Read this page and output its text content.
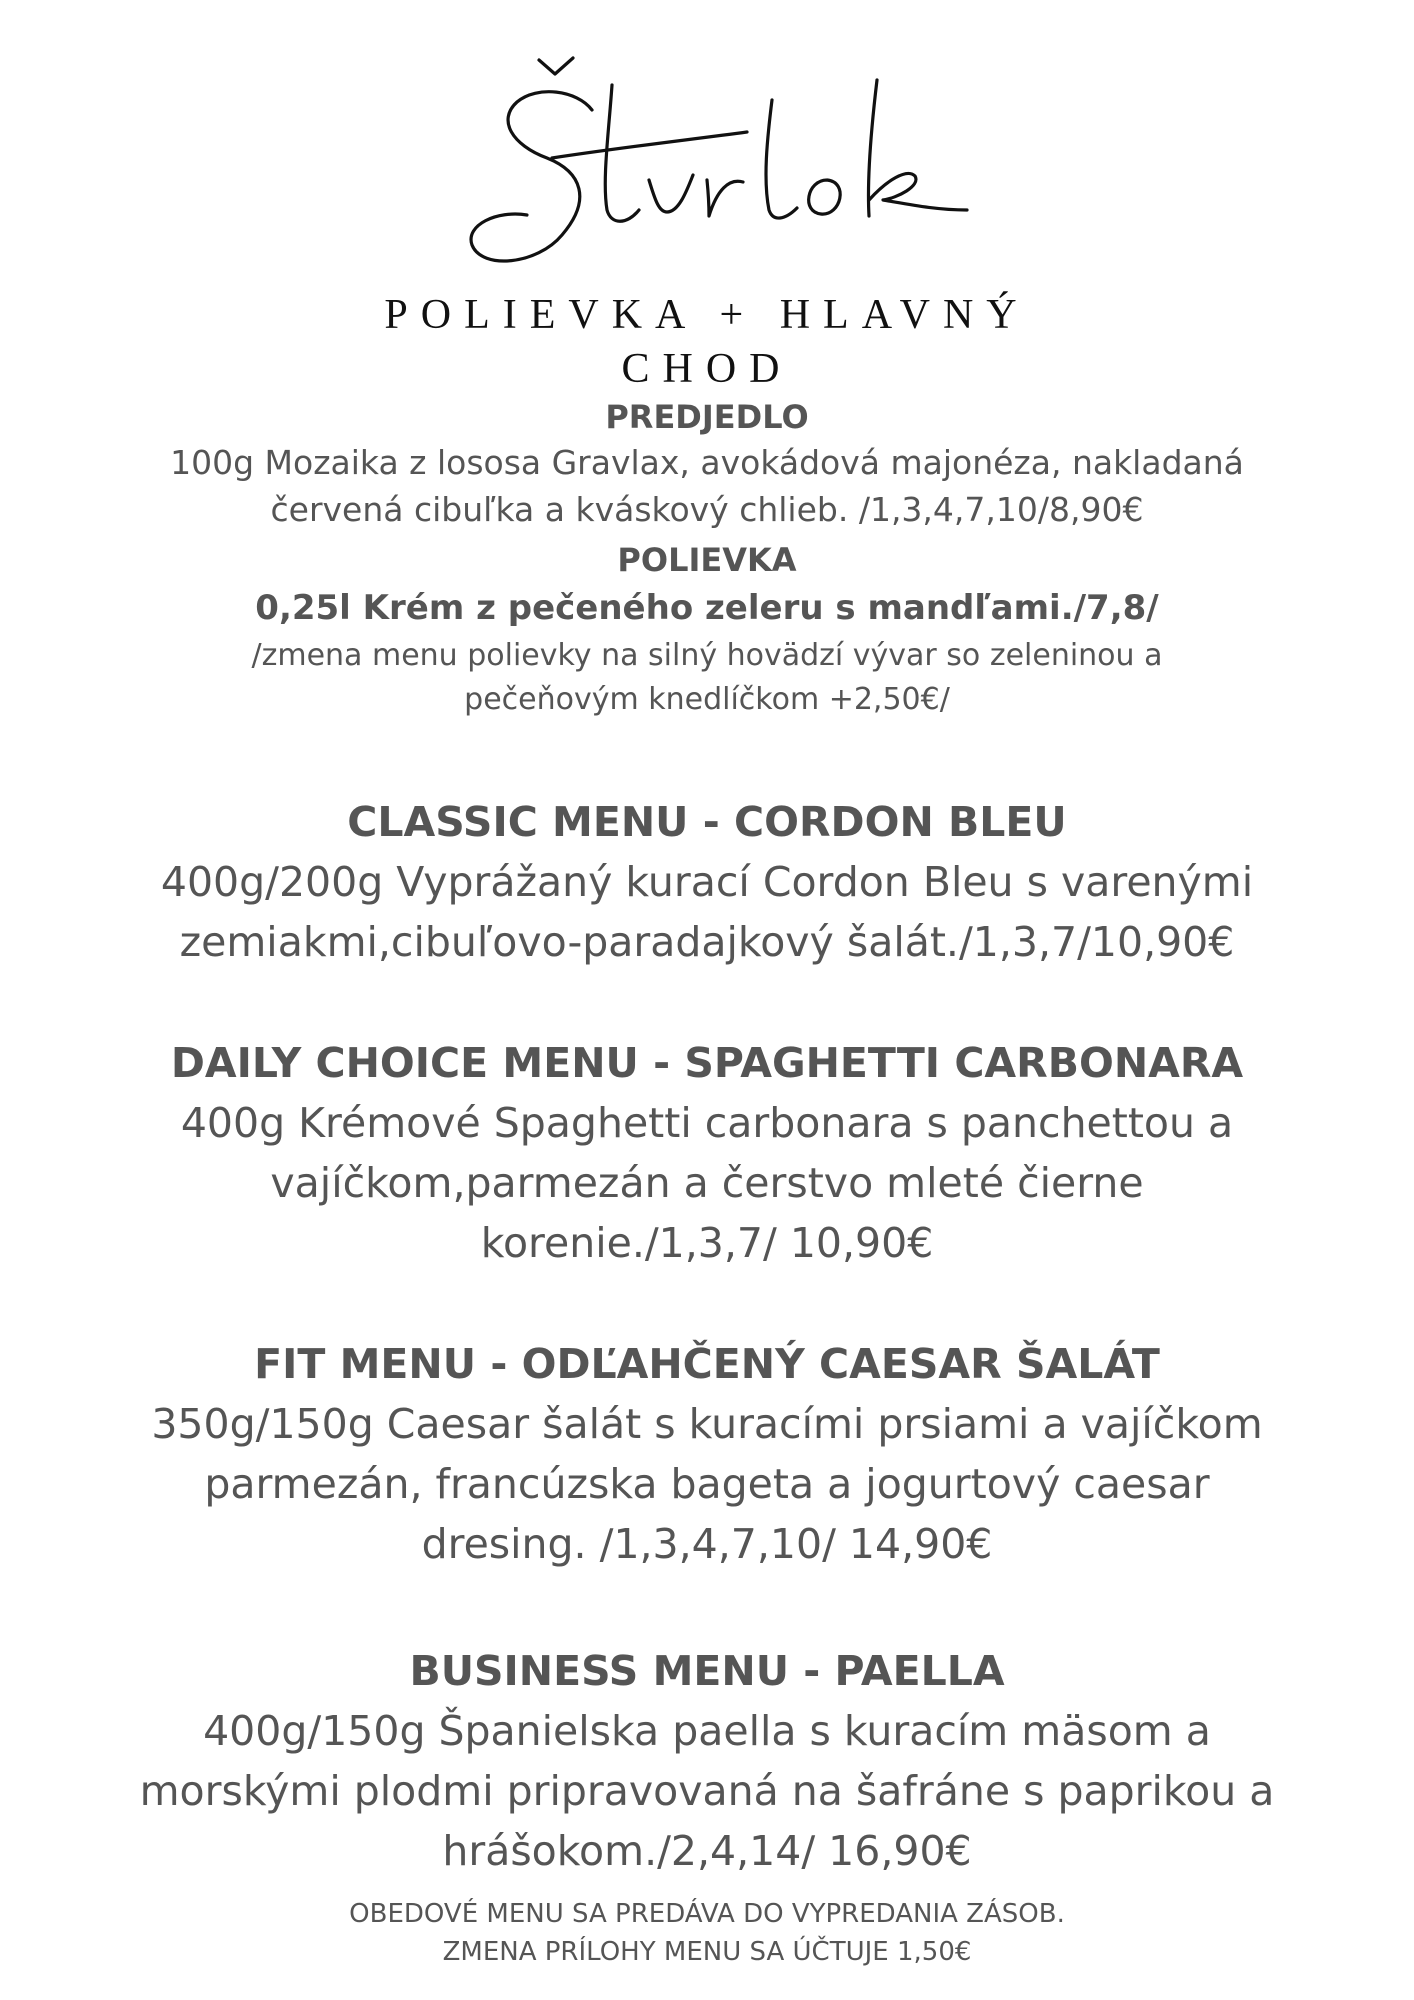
POLIEVKA + HLAVNÝ
CHOD
PREDJEDLO
100g Mozaika z lososa Gravlax, avokádová majonéza, nakladaná
červená cibuľka a kváskový chlieb. /1,3,4,7,10/8,90€
POLIEVKA
0,25l Krém z pečeného zeleru s mandľami./7,8/
/zmena menu polievky na silný hovädzí vývar so zeleninou a
pečeňovým knedlíčkom +2,50€/
CLASSIC MENU - CORDON BLEU
400g/200g Vyprážaný kurací Cordon Bleu s varenými
zemiakmi,cibuľovo-paradajkový šalát./1,3,7/10,90€
DAILY CHOICE MENU - SPAGHETTI CARBONARA
400g Krémové Spaghetti carbonara s panchettou a
vajíčkom,parmezán a čerstvo mleté čierne
korenie./1,3,7/ 10,90€
FIT MENU - ODĽAHČENÝ CAESAR ŠALÁT
350g/150g Caesar šalát s kuracími prsiami a vajíčkom
parmezán, francúzska bageta a jogurtový caesar
dresing. /1,3,4,7,10/ 14,90€
BUSINESS MENU - PAELLA
400g/150g Španielska paella s kuracím mäsom a
morskými plodmi pripravovaná na šafráne s paprikou a
hrášokom./2,4,14/ 16,90€
OBEDOVÉ MENU SA PREDÁVA DO VYPREDANIA ZÁSOB.
ZMENA PRÍLOHY MENU SA ÚČTUJE 1,50€
